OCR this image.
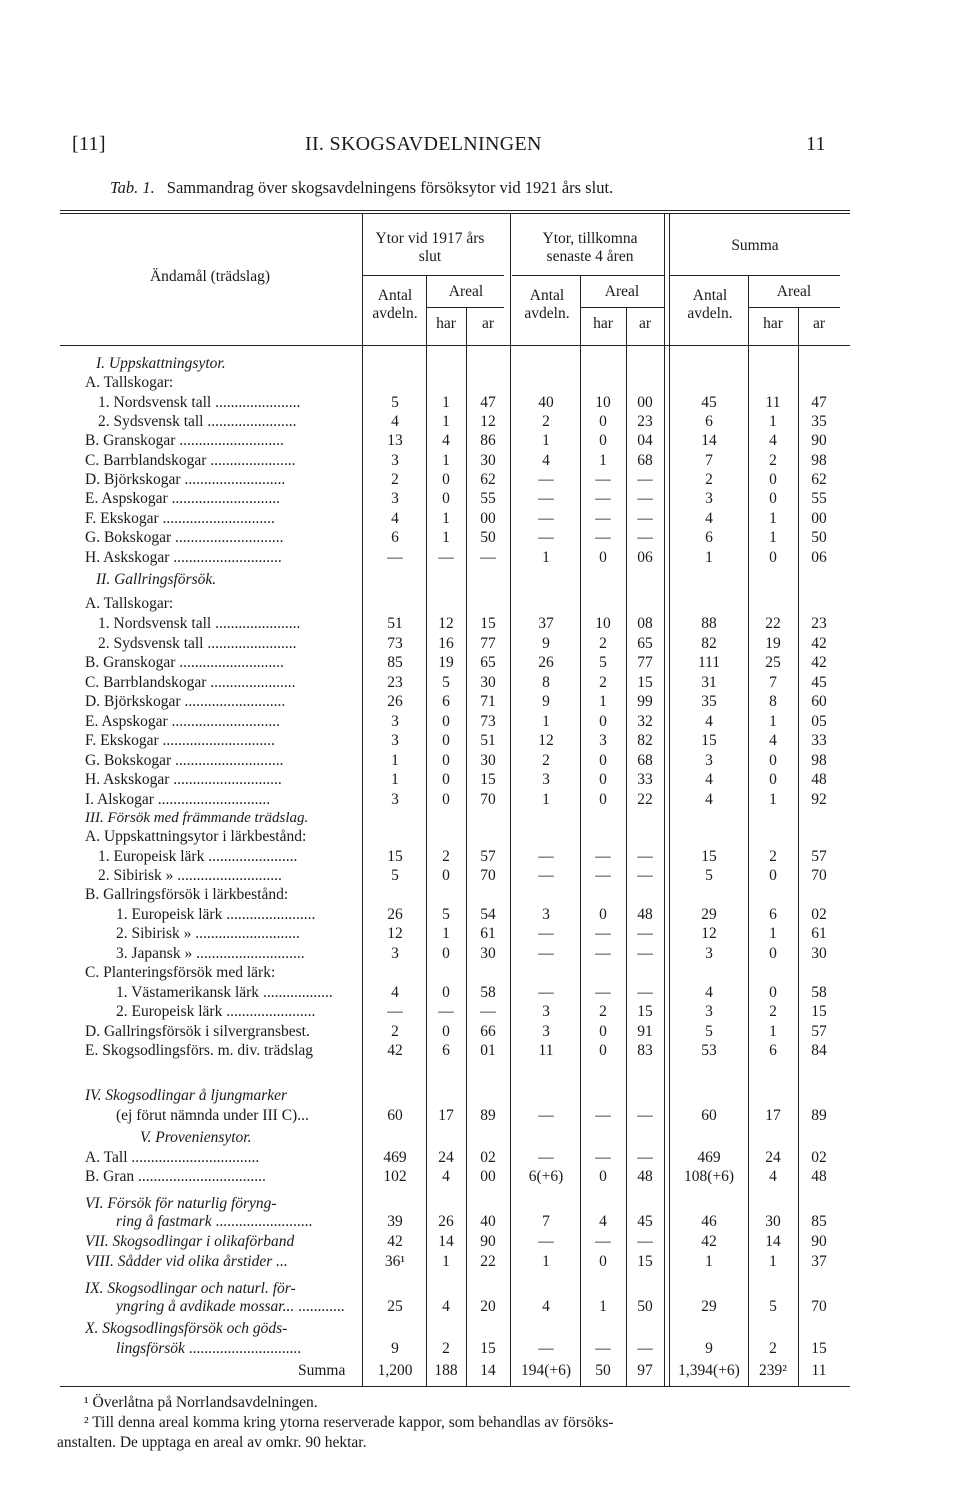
[11]	II. SKOGSAVDELNINGEN	11
Tab. 1. Sammandrag över skogsavdelningens försöksytor vid 1921 års slut.
Ändamål (trädslag)
Ytor vid 1917 års slut
Ytor, tillkomna senaste 4 åren
Summa
Antal avdeln.
Areal
har	ar
Antal avdeln.
Areal
har	ar
Antal avdeln.
Areal
har	ar
I. Uppskattningsytor.
II. Gallringsförsök.
III. Försök med främmande trädslag.
V. Proveniensytor.
A. Tallskogar:
1. Nordsvensk tall ......................	5	1	47	40	10	00	45	11	47
2. Sydsvensk tall .......................	4	1	12	2	0	23	6	1	35
B. Granskogar ...........................	13	4	86	1	0	04	14	4	90
C. Barrblandskogar ......................	3	1	30	4	1	68	7	2	98
D. Björkskogar ..........................	2	0	62	—	—	—	2	0	62
E. Aspskogar ............................	3	0	55	—	—	—	3	0	55
F. Ekskogar .............................	4	1	00	—	—	—	4	1	00
G. Bokskogar ............................	6	1	50	—	—	—	6	1	50
H. Askskogar ............................	—	—	—	1	0	06	1	0	06
A. Tallskogar:
1. Nordsvensk tall ......................	51	12	15	37	10	08	88	22	23
2. Sydsvensk tall .......................	73	16	77	9	2	65	82	19	42
B. Granskogar ...........................	85	19	65	26	5	77	111	25	42
C. Barrblandskogar ......................	23	5	30	8	2	15	31	7	45
D. Björkskogar ..........................	26	6	71	9	1	99	35	8	60
E. Aspskogar ............................	3	0	73	1	0	32	4	1	05
F. Ekskogar .............................	3	0	51	12	3	82	15	4	33
G. Bokskogar ............................	1	0	30	2	0	68	3	0	98
H. Askskogar ............................	1	0	15	3	0	33	4	0	48
I. Alskogar .............................	3	0	70	1	0	22	4	1	92
A. Uppskattningsytor i lärkbestånd:
1. Europeisk lärk .......................	15	2	57	—	—	—	15	2	57
2. Sibirisk » ...........................	5	0	70	—	—	—	5	0	70
B. Gallringsförsök i lärkbestånd:
1. Europeisk lärk .......................	26	5	54	3	0	48	29	6	02
2. Sibirisk » ...........................	12	1	61	—	—	—	12	1	61
3. Japansk » ............................	3	0	30	—	—	—	3	0	30
C. Planteringsförsök med lärk:
1. Västamerikansk lärk ..................	4	0	58	—	—	—	4	0	58
2. Europeisk lärk .......................	—	—	—	3	2	15	3	2	15
D. Gallringsförsök i silvergransbest.	2	0	66	3	0	91	5	1	57
E. Skogsodlingsförs. m. div. trädslag	42	6	01	11	0	83	53	6	84
IV. Skogsodlingar å ljungmarker
(ej förut nämnda under III C)...	60	17	89	—	—	—	60	17	89
A. Tall .................................	469	24	02	—	—	—	469	24	02
B. Gran .................................	102	4	00	6(+6)	0	48	108(+6)	4	48
VI. Försök för naturlig föryng-
ring å fastmark .........................	39	26	40	7	4	45	46	30	85
VII. Skogsodlingar i olikaförband	42	14	90	—	—	—	42	14	90
VIII. Sådder vid olika årstider ...	36¹	1	22	1	0	15	1	1	37
IX. Skogsodlingar och naturl. för-
yngring å avdikade mossar... ............	25	4	20	4	1	50	29	5	70
X. Skogsodlingsförsök och göds-
lingsförsök .............................	9	2	15	—	—	—	9	2	15
Summa	1,200	188	14	194(+6)	50	97	1,394(+6)	239²	11
¹ Överlåtna på Norrlandsavdelningen.
² Till denna areal komma kring ytorna reserverade kappor, som behandlas av försöks-
anstalten. De upptaga en areal av omkr. 90 hektar.
